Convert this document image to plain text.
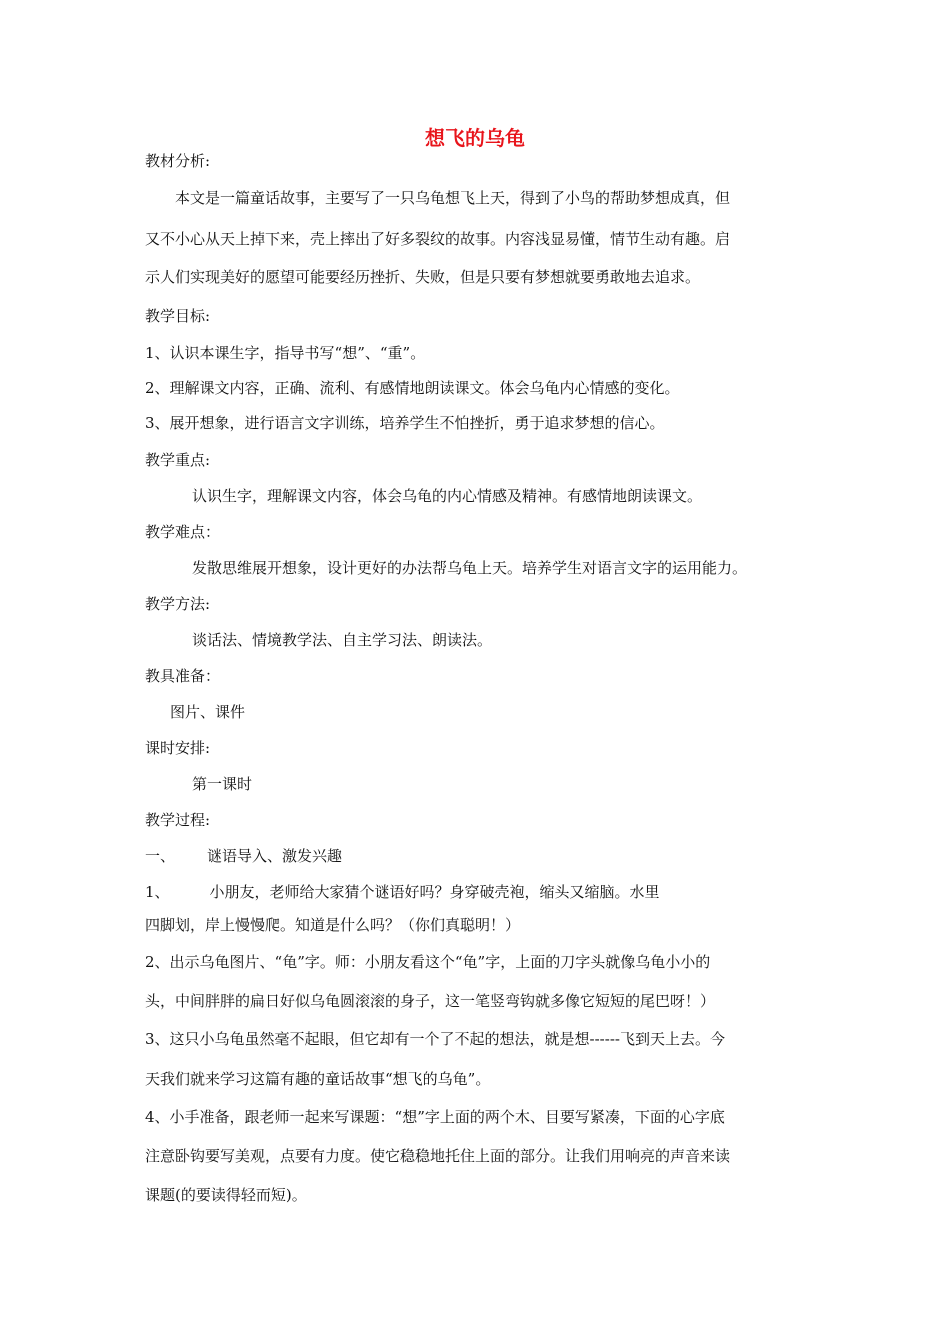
想飞的乌龟
教材分析:
本文是一篇童话故事，主要写了一只乌龟想飞上天，得到了小鸟的帮助梦想成真，但
又不小心从天上掉下来，壳上摔出了好多裂纹的故事。内容浅显易懂，情节生动有趣。启
示人们实现美好的愿望可能要经历挫折、失败，但是只要有梦想就要勇敢地去追求。
教学目标:
1、认识本课生字，指导书写“想”、“重”。
2、理解课文内容，正确、流利、有感情地朗读课文。体会乌龟内心情感的变化。
3、展开想象，进行语言文字训练，培养学生不怕挫折，勇于追求梦想的信心。
教学重点:
认识生字，理解课文内容，体会乌龟的内心情感及精神。有感情地朗读课文。
教学难点：
发散思维展开想象，设计更好的办法帮乌龟上天。培养学生对语言文字的运用能力。
教学方法:
谈话法、情境教学法、自主学习法、朗读法。
教具准备：
图片、课件
课时安排:
第一课时
教学过程:
一、 谜语导入、激发兴趣
1、	小朋友，老师给大家猜个谜语好吗？身穿破壳袍，缩头又缩脑。水里
四脚划，岸上慢慢爬。知道是什么吗？（你们真聪明！）
2、出示乌龟图片、“龟”字。师：小朋友看这个“龟”字，上面的刀字头就像乌龟小小的
头，中间胖胖的扁日好似乌龟圆滚滚的身子，这一笔竖弯钩就多像它短短的尾巴呀！）
3、这只小乌龟虽然毫不起眼，但它却有一个了不起的想法，就是想------飞到天上去。今
天我们就来学习这篇有趣的童话故事“想飞的乌龟”。
4、小手准备，跟老师一起来写课题：“想”字上面的两个木、目要写紧凑，下面的心字底
注意卧钩要写美观，点要有力度。使它稳稳地托住上面的部分。让我们用响亮的声音来读
课题(的要读得轻而短)。
